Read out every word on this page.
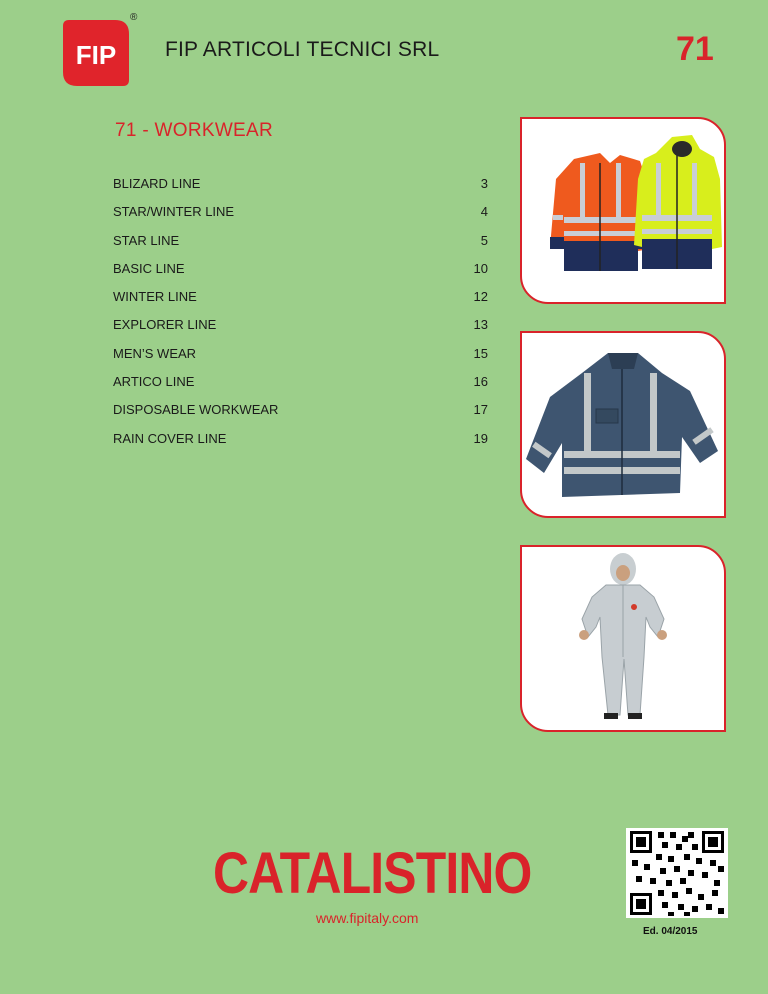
FIP
®
FIP ARTICOLI TECNICI SRL	71
71 - WORKWEAR
BLIZARD LINE	3
STAR/WINTER LINE	4
STAR LINE	5
BASIC LINE	10
WINTER LINE	12
EXPLORER LINE	13
MEN’S WEAR	15
ARTICO LINE	16
DISPOSABLE WORKWEAR	17
RAIN COVER LINE	19
CATALISTINO
www.fipitaly.com
Ed. 04/2015
